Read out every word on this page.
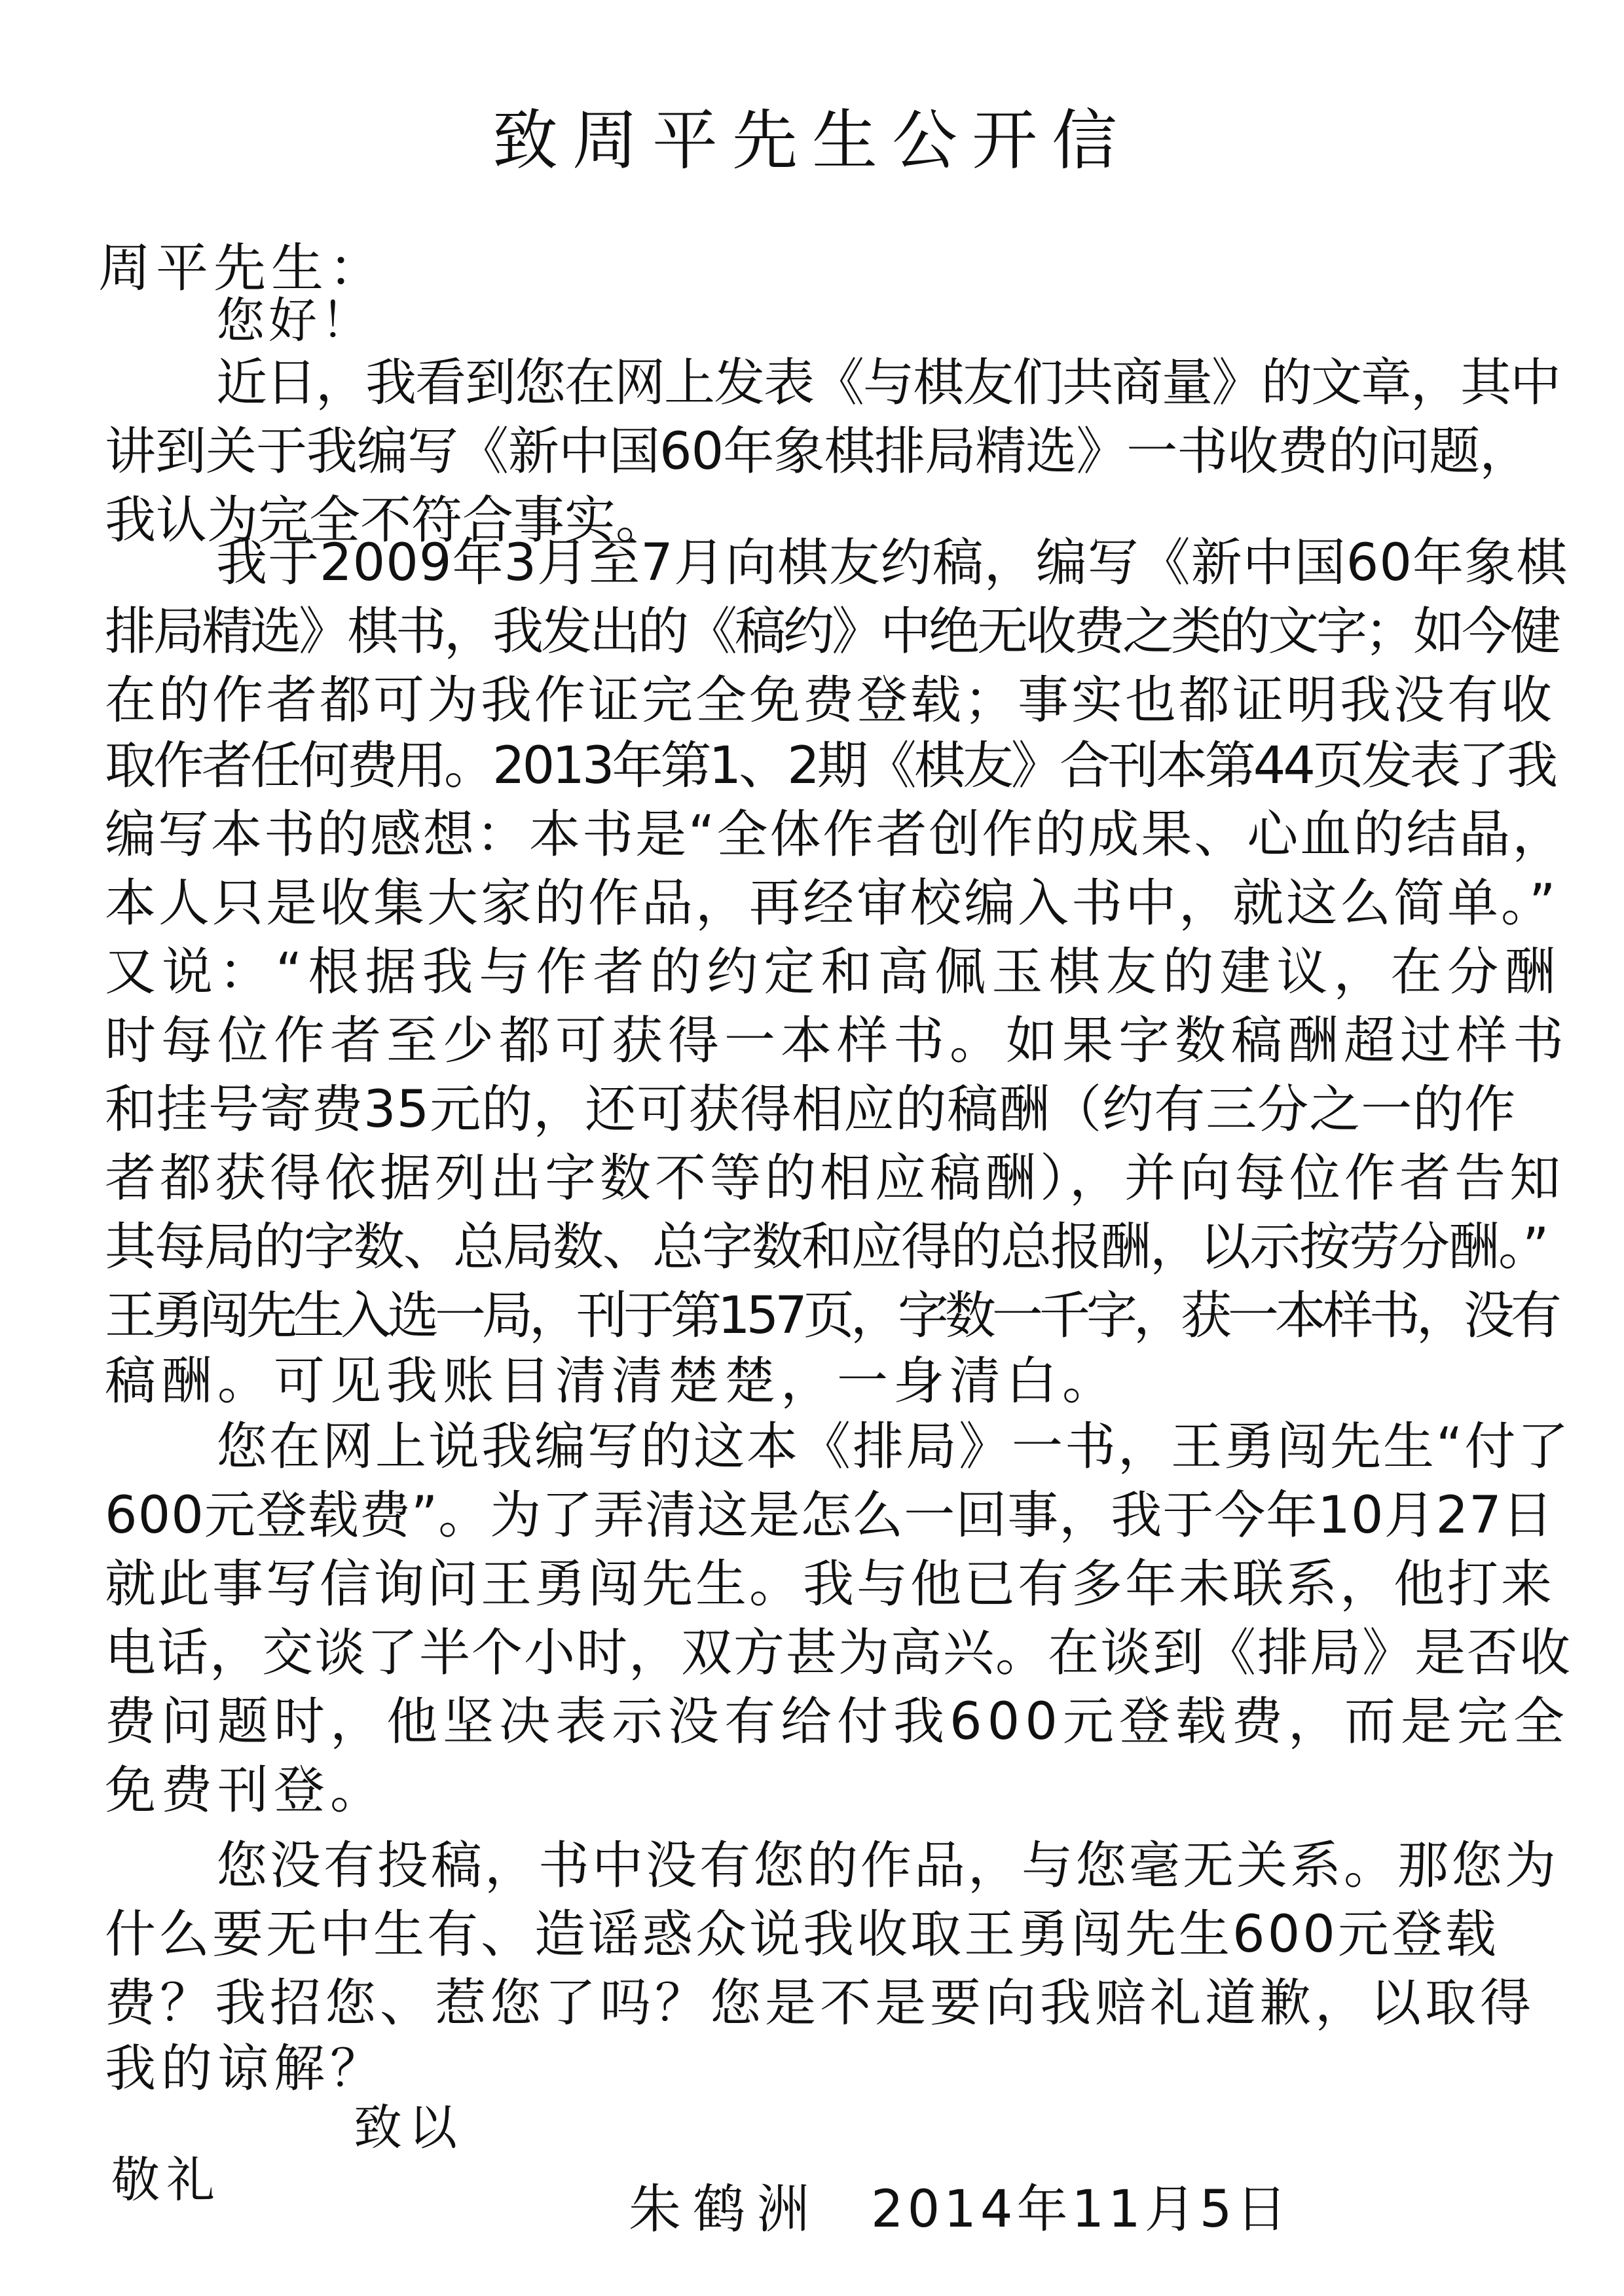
致周平先生公开信
周平先生：
您好！
近日，我看到您在网上发表《与棋友们共商量》的文章，其中
讲到关于我编写《新中国60年象棋排局精选》一书收费的问题，
我认为完全不符合事实。
我于2009年3月至7月向棋友约稿，编写《新中国60年象棋
排局精选》棋书，我发出的《稿约》中绝无收费之类的文字；如今健
在的作者都可为我作证完全免费登载；事实也都证明我没有收
取作者任何费用。2013年第1、2期《棋友》合刊本第44页发表了我
编写本书的感想：本书是“全体作者创作的成果、心血的结晶，
本人只是收集大家的作品，再经审校编入书中，就这么简单。”
又说：“根据我与作者的约定和高佩玉棋友的建议，在分酬
时每位作者至少都可获得一本样书。如果字数稿酬超过样书
和挂号寄费35元的，还可获得相应的稿酬（约有三分之一的作
者都获得依据列出字数不等的相应稿酬），并向每位作者告知
其每局的字数、总局数、总字数和应得的总报酬，以示按劳分酬。”
王勇闯先生入选一局，刊于第157页，字数一千字，获一本样书，没有
稿酬。可见我账目清清楚楚，一身清白。
您在网上说我编写的这本《排局》一书，王勇闯先生“付了
600元登载费”。为了弄清这是怎么一回事，我于今年10月27日
就此事写信询问王勇闯先生。我与他已有多年未联系，他打来
电话，交谈了半个小时，双方甚为高兴。在谈到《排局》是否收
费问题时，他坚决表示没有给付我600元登载费，而是完全
免费刊登。
您没有投稿，书中没有您的作品，与您毫无关系。那您为
什么要无中生有、造谣惑众说我收取王勇闯先生600元登载
费？我招您、惹您了吗？您是不是要向我赔礼道歉，以取得
我的谅解？
致以
敬礼	朱鹤洲 2014年11月5日
